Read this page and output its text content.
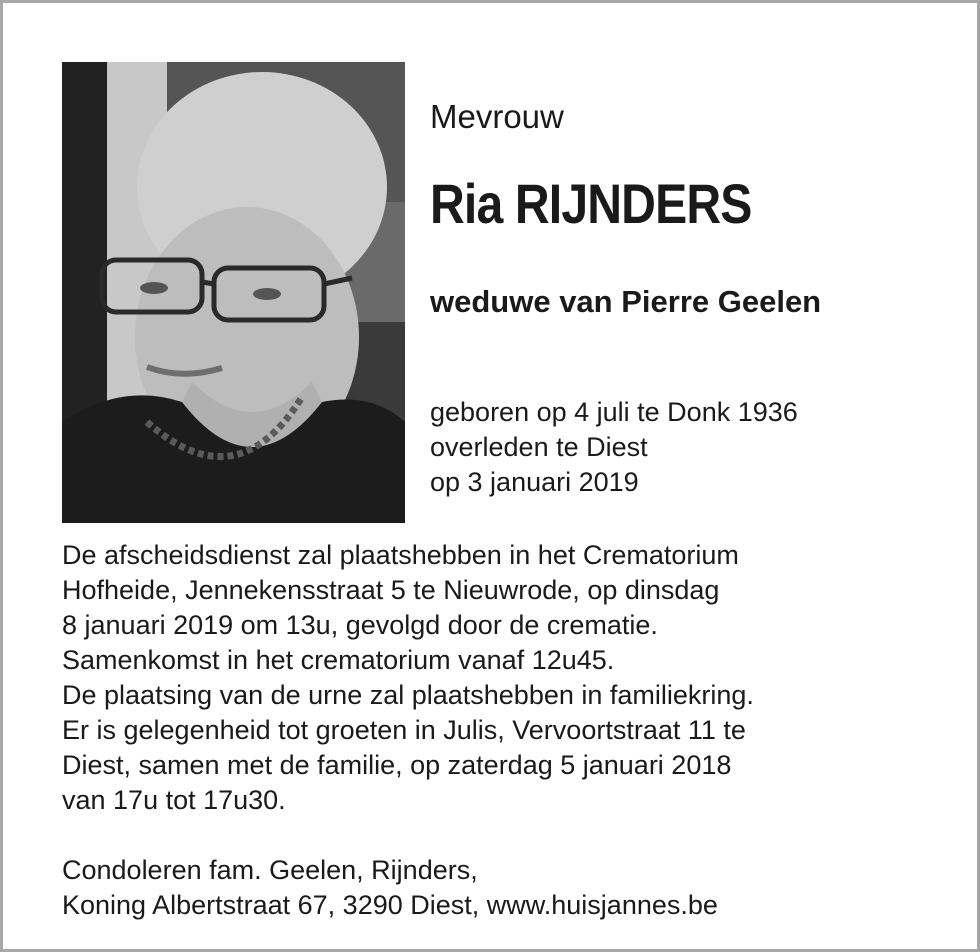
Mevrouw
Ria RIJNDERS
weduwe van Pierre Geelen
geboren op 4 juli te Donk 1936
overleden te Diest
op 3 januari 2019
De afscheidsdienst zal plaatshebben in het Crematorium
Hofheide, Jennekensstraat 5 te Nieuwrode, op dinsdag
8 januari 2019 om 13u, gevolgd door de crematie.
Samenkomst in het crematorium vanaf 12u45.
De plaatsing van de urne zal plaatshebben in familiekring.
Er is gelegenheid tot groeten in Julis, Vervoortstraat 11 te
Diest, samen met de familie, op zaterdag 5 januari 2018
van 17u tot 17u30.
Condoleren fam. Geelen, Rijnders,
Koning Albertstraat 67, 3290 Diest, www.huisjannes.be
